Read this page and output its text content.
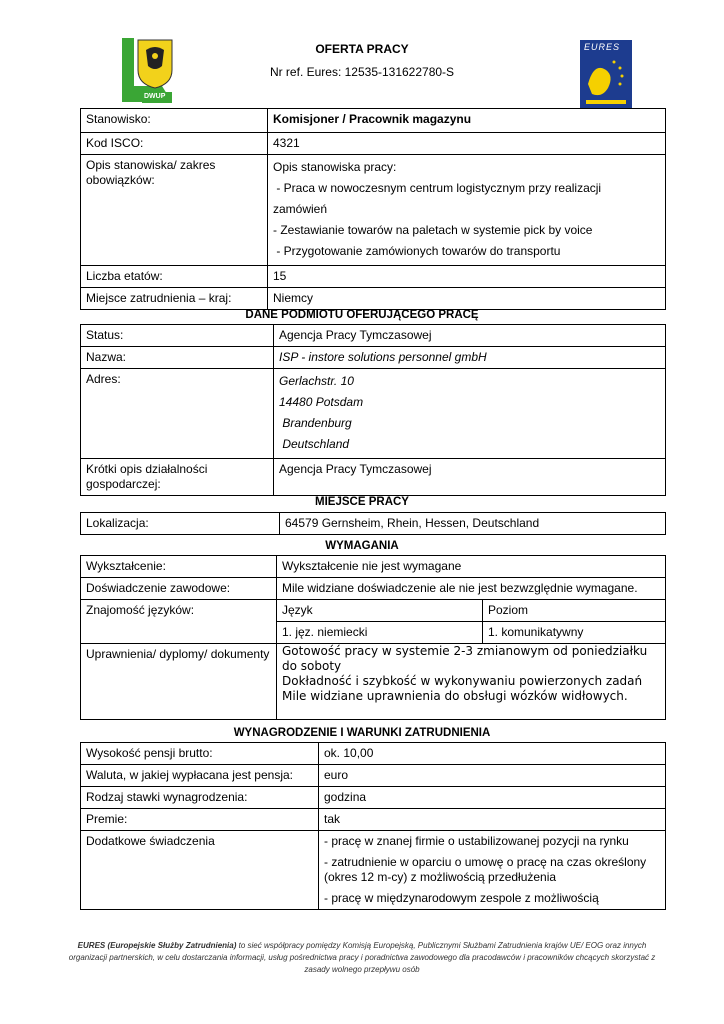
DWUP
EURES
OFERTA PRACY
Nr ref. Eures: 12535-131622780-S
Stanowisko:	Komisjoner / Pracownik magazynu
Kod ISCO:	4321
Opis stanowiska/ zakres obowiązków:	Opis stanowiska pracy:

- Praca w nowoczesnym centrum logistycznym przy realizacji

zamówień

- Zestawianie towarów na paletach w systemie pick by voice

- Przygotowanie zamówionych towarów do transportu

Liczba etatów:	15
Miejsce zatrudnienia – kraj:	Niemcy
DANE PODMIOTU OFERUJĄCEGO PRACĘ
Status:	Agencja Pracy Tymczasowej
Nazwa:	ISP - instore solutions personnel gmbH
Adres:	Gerlachstr. 10

14480 Potsdam

Brandenburg

Deutschland

Krótki opis działalności gospodarczej:	Agencja Pracy Tymczasowej
MIEJSCE PRACY
Lokalizacja:	64579 Gernsheim, Rhein, Hessen, Deutschland
WYMAGANIA
Wykształcenie:	Wykształcenie nie jest wymagane	
Doświadczenie zawodowe:	Mile widziane doświadczenie ale nie jest bezwzględnie wymagane.	
Znajomość języków:	Język	Poziom
	1. jęz. niemiecki	1. komunikatywny
Uprawnienia/ dyplomy/ dokumenty	Gotowość pracy w systemie 2-3 zmianowym od poniedziałku do soboty

Dokładność i szybkość w wykonywaniu powierzonych zadań

Mile widziane uprawnienia do obsługi wózków widłowych.	

WYNAGRODZENIE I WARUNKI ZATRUDNIENIA
Wysokość pensji brutto:	ok. 10,00
Waluta, w jakiej wypłacana jest pensja:	euro
Rodzaj stawki wynagrodzenia:	godzina
Premie:	tak
Dodatkowe świadczenia	- pracę w znanej firmie o ustabilizowanej pozycji na rynku

- zatrudnienie w oparciu o umowę o pracę na czas określony (okres 12 m-cy) z możliwością przedłużenia

- pracę w międzynarodowym zespole z możliwością

EURES (Europejskie Służby Zatrudnienia) to sieć współpracy pomiędzy Komisją Europejską, Publicznymi Służbami Zatrudnienia krajów UE/ EOG oraz innych organizacji partnerskich, w celu dostarczania informacji, usług pośrednictwa pracy i poradnictwa zawodowego dla pracodawców i pracowników chcących skorzystać z zasady wolnego przepływu osób
